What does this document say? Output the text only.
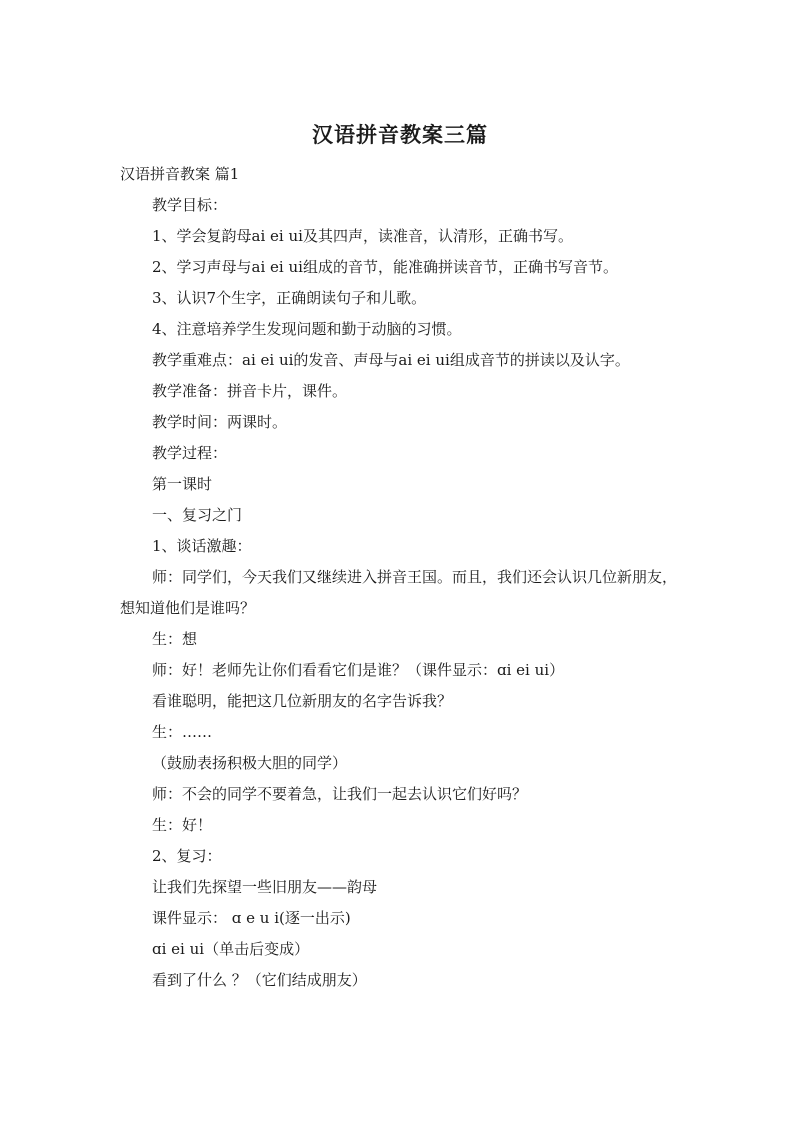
汉语拼音教案三篇

汉语拼音教案 篇1

教学目标：

1、学会复韵母ai ei ui及其四声，读准音，认清形，正确书写。

2、学习声母与ai ei ui组成的音节，能准确拼读音节，正确书写音节。

3、认识7个生字，正确朗读句子和儿歌。

4、注意培养学生发现问题和勤于动脑的习惯。

教学重难点：ai ei ui的发音、声母与ai ei ui组成音节的拼读以及认字。

教学准备：拼音卡片，课件。

教学时间：两课时。

教学过程：

第一课时

一、复习之门

1、谈话激趣：

师：同学们，今天我们又继续进入拼音王国。而且，我们还会认识几位新朋友，想知道他们是谁吗？

生：想

师：好！老师先让你们看看它们是谁？（课件显示：ɑi ei ui）

看谁聪明，能把这几位新朋友的名字告诉我？

生：……

（鼓励表扬积极大胆的同学）

师：不会的同学不要着急，让我们一起去认识它们好吗？

生：好！

2、复习：

让我们先探望一些旧朋友——韵母

课件显示： ɑ e u i(逐一出示)

ɑi ei ui（单击后变成）

看到了什么 ？（它们结成朋友）
